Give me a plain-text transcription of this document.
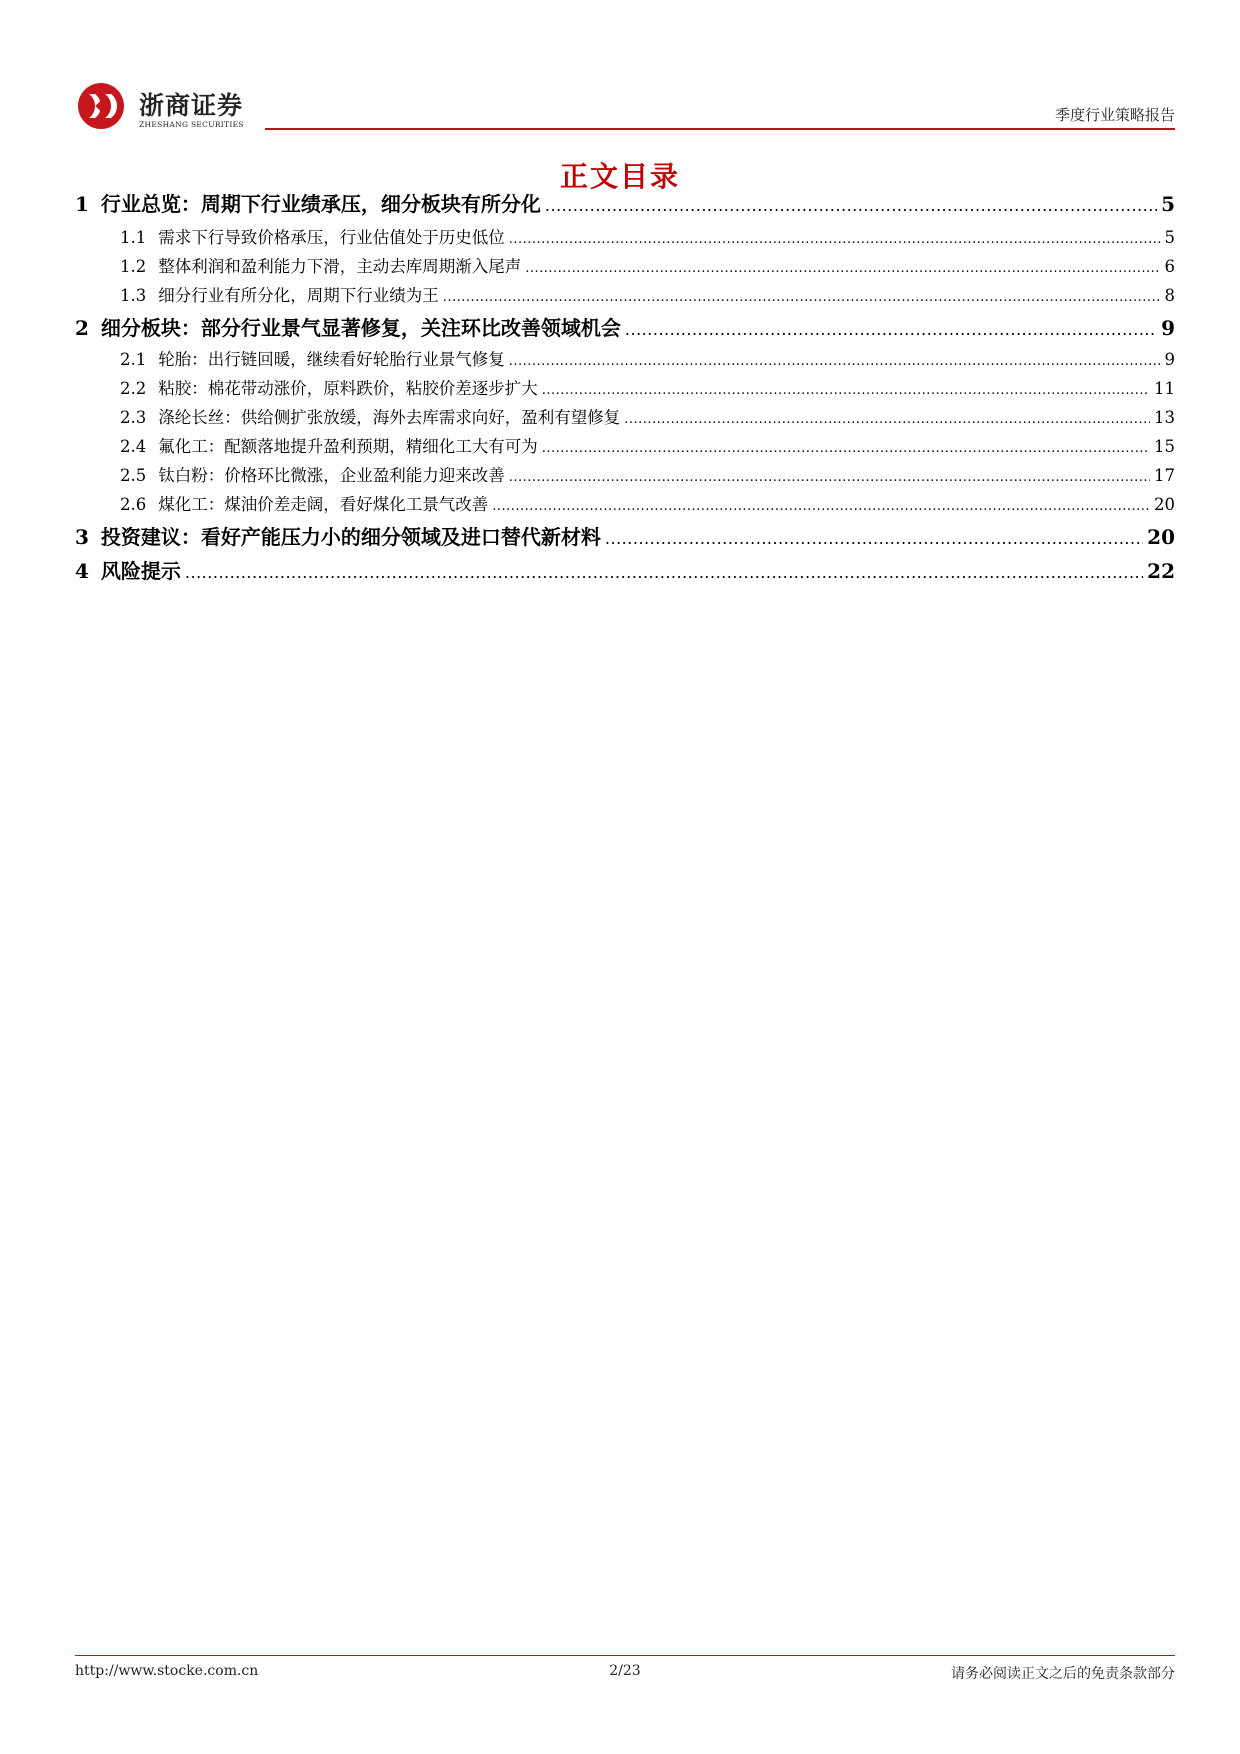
浙商证券
ZHESHANG SECURITIES
季度行业策略报告
正文目录
1 行业总览：周期下行业绩承压，细分板块有所分化 .....	5
1.1 需求下行导致价格承压，行业估值处于历史低位 .....	5
1.2 整体利润和盈利能力下滑，主动去库周期渐入尾声 .....	6
1.3 细分行业有所分化，周期下行业绩为王 .....	8
2 细分板块：部分行业景气显著修复，关注环比改善领域机会 .....	9
2.1 轮胎：出行链回暖，继续看好轮胎行业景气修复 .....	9
2.2 粘胶：棉花带动涨价，原料跌价，粘胶价差逐步扩大 .....	11
2.3 涤纶长丝：供给侧扩张放缓，海外去库需求向好，盈利有望修复 .....	13
2.4 氟化工：配额落地提升盈利预期，精细化工大有可为 .....	15
2.5 钛白粉：价格环比微涨，企业盈利能力迎来改善 .....	17
2.6 煤化工：煤油价差走阔，看好煤化工景气改善 .....	20
3 投资建议：看好产能压力小的细分领域及进口替代新材料 .....	20
4 风险提示 .....	22
http://www.stocke.com.cn	2/23	请务必阅读正文之后的免责条款部分
